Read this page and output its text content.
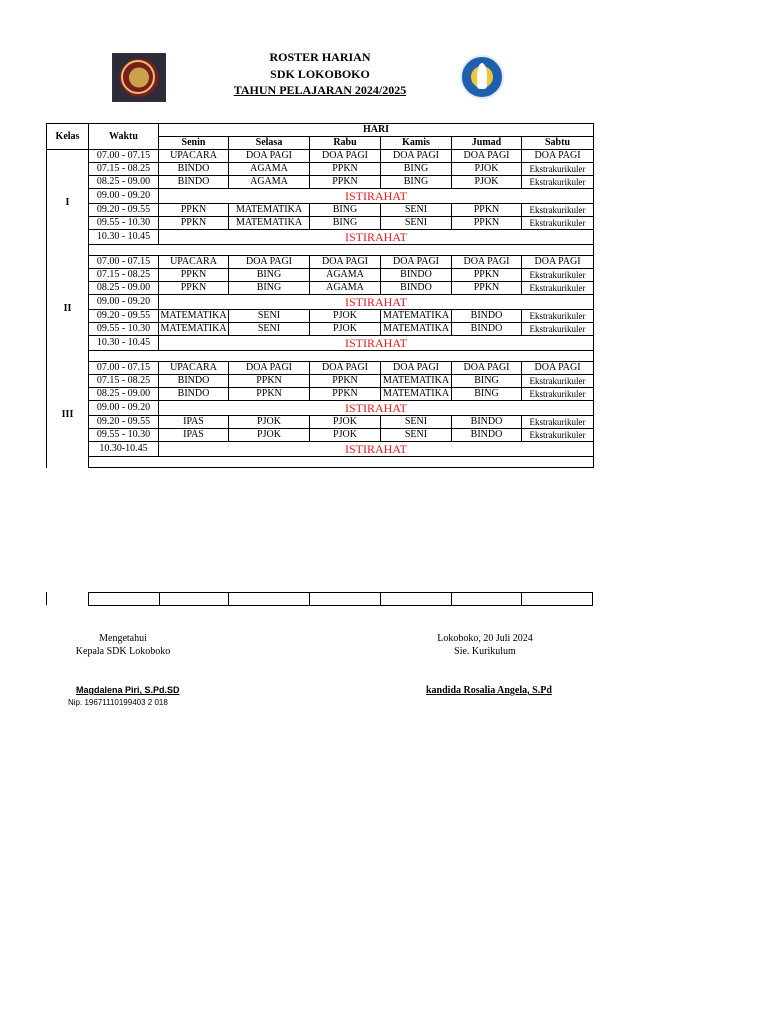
ROSTER HARIAN
SDK LOKOBOKO
TAHUN PELAJARAN 2024/2025
Kelas	Waktu	HARI					
		Senin	Selasa	Rabu	Kamis	Jumad	Sabtu
I	07.00 - 07.15	UPACARA	DOA PAGI	DOA PAGI	DOA PAGI	DOA PAGI	DOA PAGI
	07.15 - 08.25	BINDO	AGAMA	PPKN	BING	PJOK	Ekstrakurikuler
	08.25 - 09.00	BINDO	AGAMA	PPKN	BING	PJOK	Ekstrakurikuler
	09.00 - 09.20	ISTIRAHAT					
	09.20 - 09.55	PPKN	MATEMATIKA	BING	SENI	PPKN	Ekstrakurikuler
	09.55 - 10.30	PPKN	MATEMATIKA	BING	SENI	PPKN	Ekstrakurikuler
	10.30 - 10.45	ISTIRAHAT					

II	07.00 - 07.15	UPACARA	DOA PAGI	DOA PAGI	DOA PAGI	DOA PAGI	DOA PAGI
	07.15 - 08.25	PPKN	BING	AGAMA	BINDO	PPKN	Ekstrakurikuler
	08.25 - 09.00	PPKN	BING	AGAMA	BINDO	PPKN	Ekstrakurikuler
	09.00 - 09.20	ISTIRAHAT					
	09.20 - 09.55	MATEMATIKA	SENI	PJOK	MATEMATIKA	BINDO	Ekstrakurikuler
	09.55 - 10.30	MATEMATIKA	SENI	PJOK	MATEMATIKA	BINDO	Ekstrakurikuler
	10.30 - 10.45	ISTIRAHAT					

III	07.00 - 07.15	UPACARA	DOA PAGI	DOA PAGI	DOA PAGI	DOA PAGI	DOA PAGI
	07.15 - 08.25	BINDO	PPKN	PPKN	MATEMATIKA	BING	Ekstrakurikuler
	08.25 - 09.00	BINDO	PPKN	PPKN	MATEMATIKA	BING	Ekstrakurikuler
	09.00 - 09.20	ISTIRAHAT					
	09.20 - 09.55	IPAS	PJOK	PJOK	SENI	BINDO	Ekstrakurikuler
	09.55 - 10.30	IPAS	PJOK	PJOK	SENI	BINDO	Ekstrakurikuler
	10.30-10.45	ISTIRAHAT					

Mengetahui
Kepala SDK Lokoboko
Lokoboko, 20 Juli 2024
Sie. Kurikulum
Magdalena Piri, S.Pd.SD
Nip. 19671110199403 2 018
kandida Rosalia Angela, S.Pd
